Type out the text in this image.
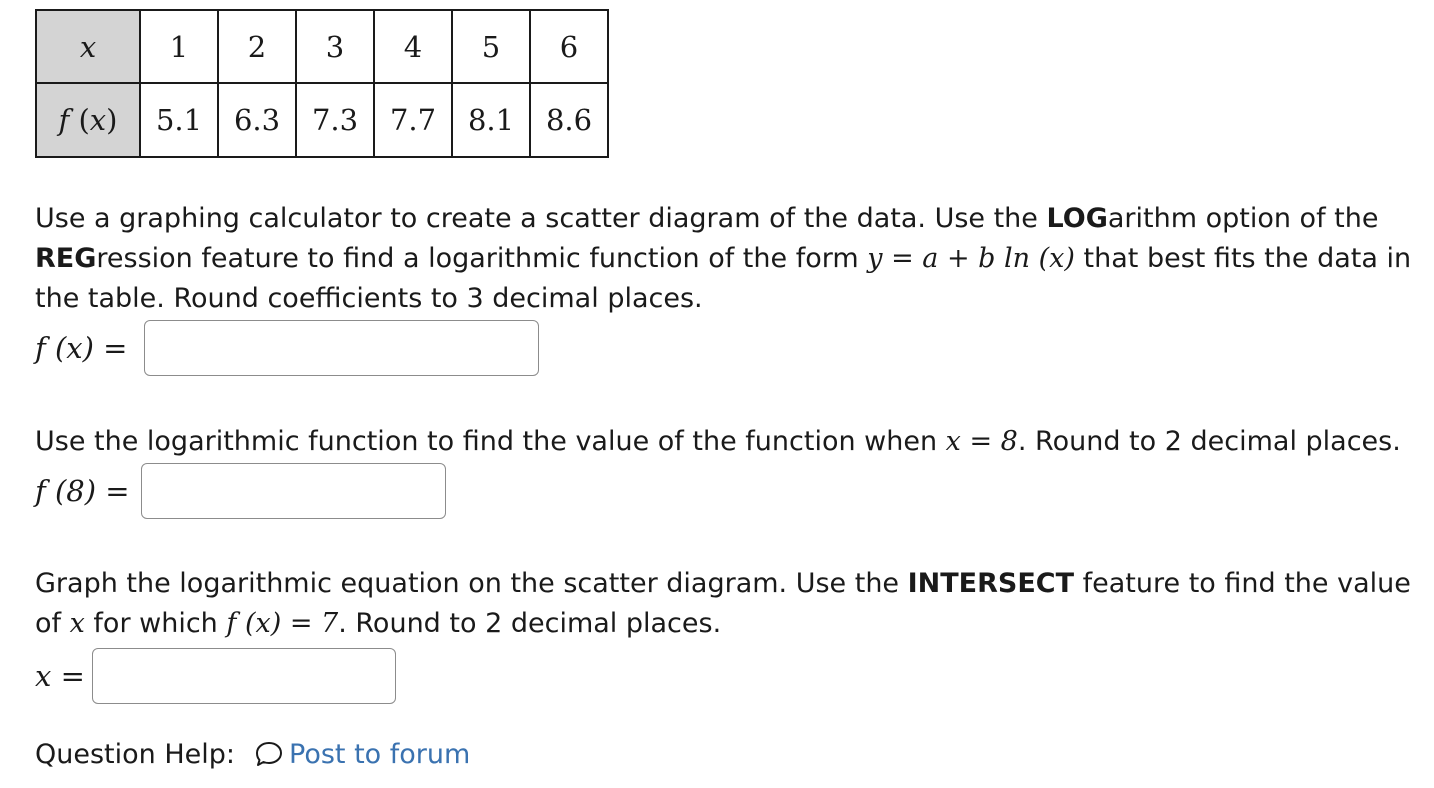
x	1	2	3	4	5	6
f (x)	5.1	6.3	7.3	7.7	8.1	8.6

Use a graphing calculator to create a scatter diagram of the data. Use the LOGarithm option of the REGression feature to find a logarithmic function of the form y = a + b ln (x) that best fits the data in the table. Round coefficients to 3 decimal places.

f (x) =

Use the logarithmic function to find the value of the function when x = 8. Round to 2 decimal places.

f (8) =

Graph the logarithmic equation on the scatter diagram. Use the INTERSECT feature to find the value of x for which f (x) = 7. Round to 2 decimal places.

x =
Question Help: Post to forum
